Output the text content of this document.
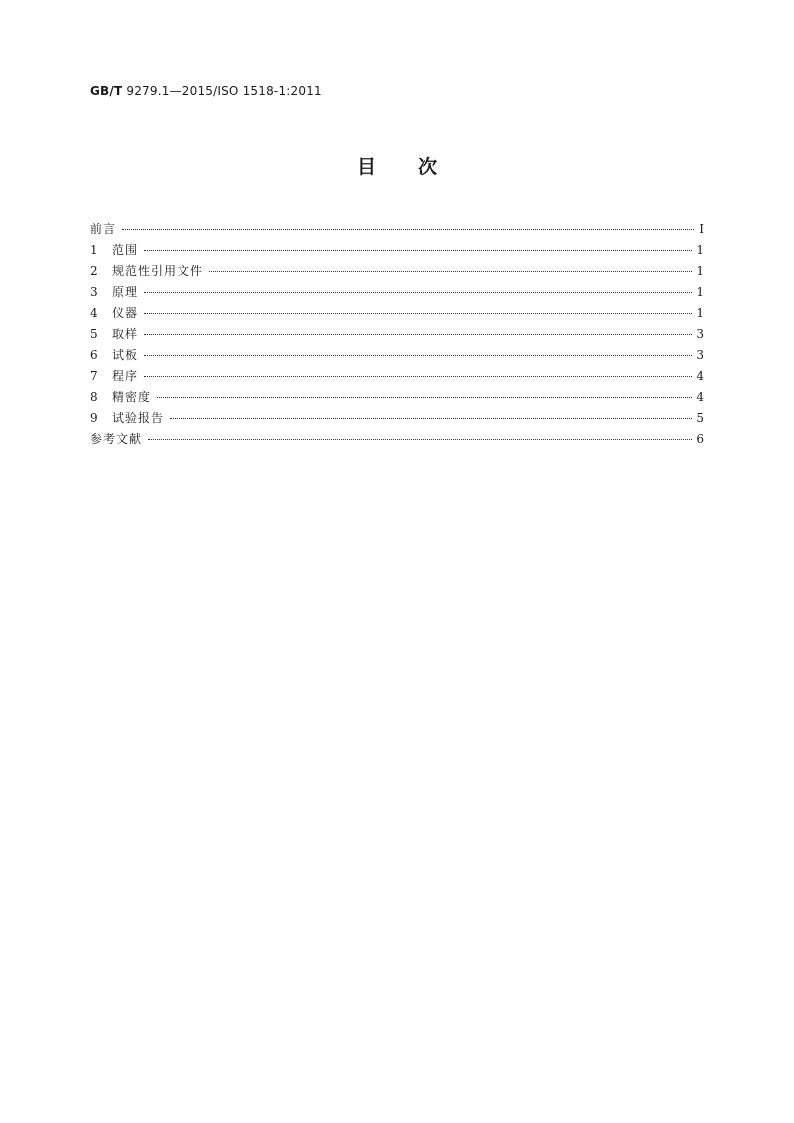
GB/T 9279.1—2015/ISO 1518-1:2011
目次
前言	I
1	范围	1
2	规范性引用文件	1
3	原理	1
4	仪器	1
5	取样	3
6	试板	3
7	程序	4
8	精密度	4
9	试验报告	5
参考文献	6
